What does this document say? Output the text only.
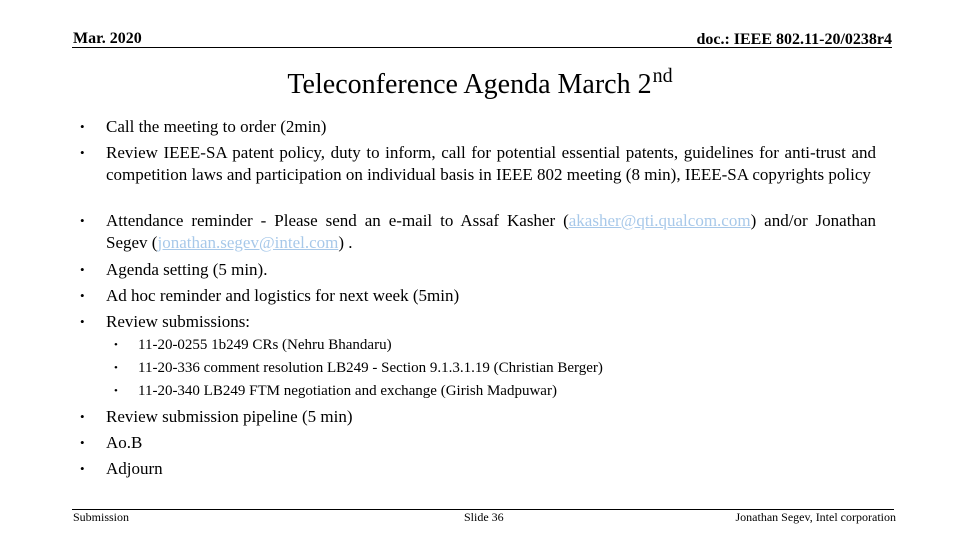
Mar. 2020	doc.: IEEE 802.11-20/0238r4
Teleconference Agenda March 2nd
• Call the meeting to order (2min)
• Review IEEE-SA patent policy, duty to inform, call for potential essential patents, guidelines for anti-trust and competition laws and participation on individual basis in IEEE 802 meeting (8 min), IEEE-SA copyrights policy
• Attendance reminder - Please send an e-mail to Assaf Kasher (akasher@qti.qualcom.com) and/or Jonathan Segev (jonathan.segev@intel.com) .
• Agenda setting (5 min).
• Ad hoc reminder and logistics for next week (5min)
• Review submissions:
• 11-20-0255 1b249 CRs (Nehru Bhandaru)
• 11-20-336 comment resolution LB249 - Section 9.1.3.1.19 (Christian Berger)
• 11-20-340 LB249 FTM negotiation and exchange (Girish Madpuwar)
• Review submission pipeline (5 min)
• Ao.B
• Adjourn
Submission	Slide 36	Jonathan Segev, Intel corporation
